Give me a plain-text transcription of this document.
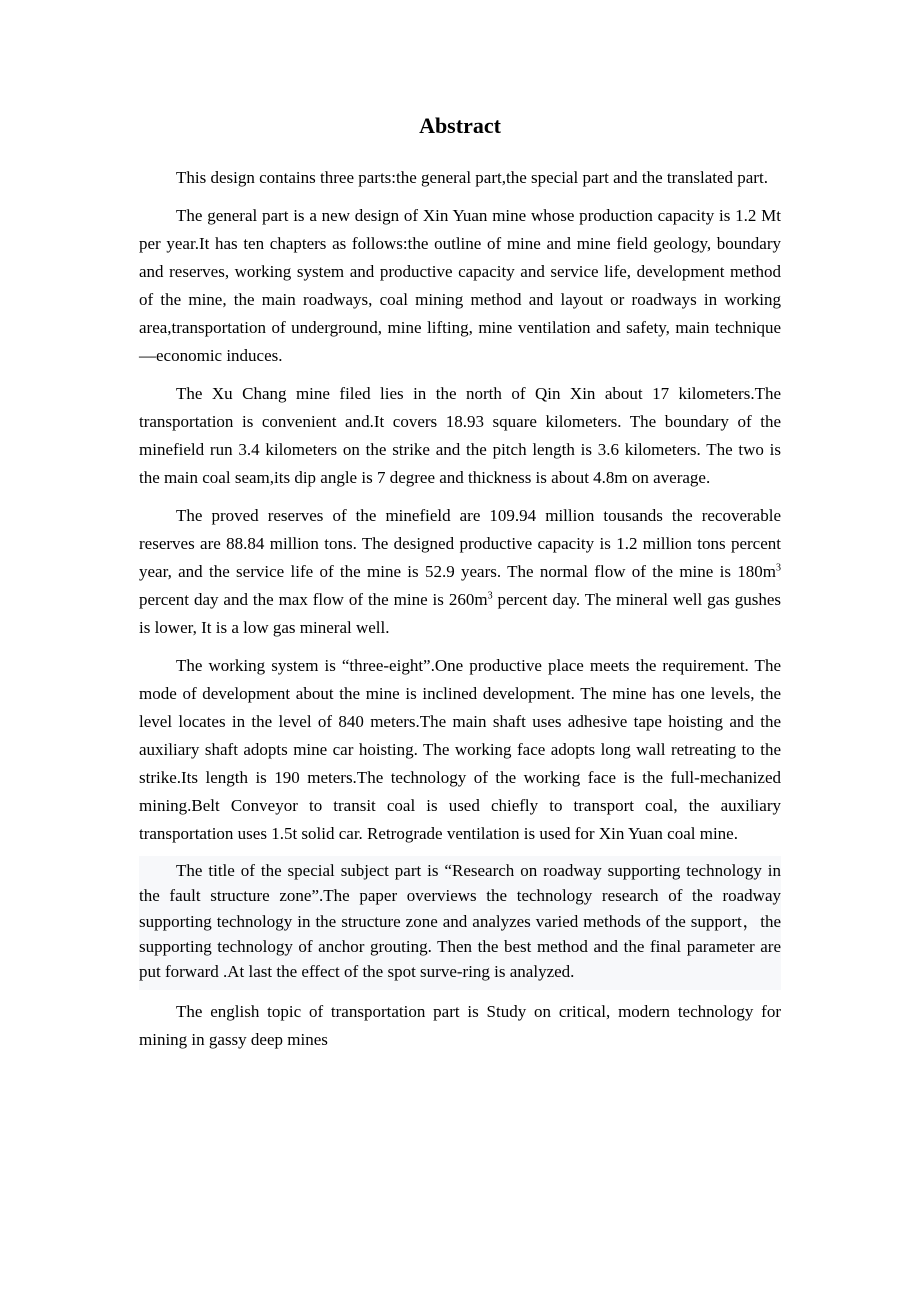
Abstract

This design contains three parts:the general part,the special part and the translated part.

The general part is a new design of Xin Yuan mine whose production capacity is 1.2 Mt per year.It has ten chapters as follows:the outline of mine and mine field geology, boundary and reserves, working system and productive capacity and service life, development method of the mine, the main roadways, coal mining method and layout or roadways in working area,transportation of underground, mine lifting, mine ventilation and safety, main technique—economic induces.

The Xu Chang mine filed lies in the north of Qin Xin about 17 kilometers.The transportation is convenient and.It covers 18.93 square kilometers. The boundary of the minefield run 3.4 kilometers on the strike and the pitch length is 3.6 kilometers. The two is the main coal seam,its dip angle is 7 degree and thickness is about 4.8m on average.

The proved reserves of the minefield are 109.94 million tousands the recoverable reserves are 88.84 million tons. The designed productive capacity is 1.2 million tons percent year, and the service life of the mine is 52.9 years. The normal flow of the mine is $180m^3$ percent day and the max flow of the mine is $260m^3$ percent day. The mineral well gas gushes is lower, It is a low gas mineral well.

The working system is “three-eight”.One productive place meets the requirement. The mode of development about the mine is inclined development. The mine has one levels, the level locates in the level of 840 meters.The main shaft uses adhesive tape hoisting and the auxiliary shaft adopts mine car hoisting. The working face adopts long wall retreating to the strike.Its length is 190 meters.The technology of the working face is the full-mechanized mining.Belt Conveyor to transit coal is used chiefly to transport coal, the auxiliary transportation uses 1.5t solid car. Retrograde ventilation is used for Xin Yuan coal mine.

The title of the special subject part is “Research on roadway supporting technology in the fault structure zone”.The paper overviews the technology research of the roadway supporting technology in the structure zone and analyzes varied methods of the support，the supporting technology of anchor grouting. Then the best method and the final parameter are put forward .At last the effect of the spot surve-ring is analyzed.

The english topic of transportation part is Study on critical, modern technology for mining in gassy deep mines
